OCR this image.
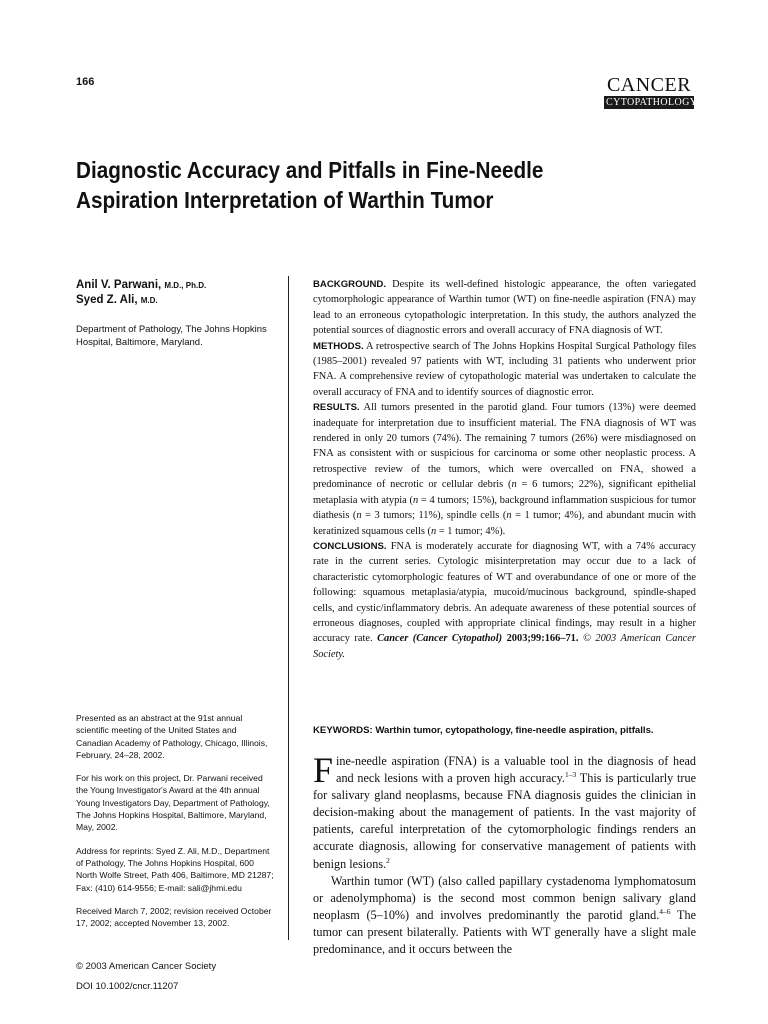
166	CANCER
CYTOPATHOLOGY
Diagnostic Accuracy and Pitfalls in Fine-Needle Aspiration Interpretation of Warthin Tumor
Anil V. Parwani, M.D., Ph.D.
Syed Z. Ali, M.D.
Department of Pathology, The Johns Hopkins Hospital, Baltimore, Maryland.

BACKGROUND. Despite its well-defined histologic appearance, the often variegated cytomorphologic appearance of Warthin tumor (WT) on fine-needle aspiration (FNA) may lead to an erroneous cytopathologic interpretation. In this study, the authors analyzed the potential sources of diagnostic errors and overall accuracy of FNA diagnosis of WT.

METHODS. A retrospective search of The Johns Hopkins Hospital Surgical Pathology files (1985–2001) revealed 97 patients with WT, including 31 patients who underwent prior FNA. A comprehensive review of cytopathologic material was undertaken to calculate the overall accuracy of FNA and to identify sources of diagnostic error.

RESULTS. All tumors presented in the parotid gland. Four tumors (13%) were deemed inadequate for interpretation due to insufficient material. The FNA diagnosis of WT was rendered in only 20 tumors (74%). The remaining 7 tumors (26%) were misdiagnosed on FNA as consistent with or suspicious for carcinoma or some other neoplastic process. A retrospective review of the tumors, which were overcalled on FNA, showed a predominance of necrotic or cellular debris (n = 6 tumors; 22%), significant epithelial metaplasia with atypia (n = 4 tumors; 15%), background inflammation suspicious for tumor diathesis (n = 3 tumors; 11%), spindle cells (n = 1 tumor; 4%), and abundant mucin with keratinized squamous cells (n = 1 tumor; 4%).

CONCLUSIONS. FNA is moderately accurate for diagnosing WT, with a 74% accuracy rate in the current series. Cytologic misinterpretation may occur due to a lack of characteristic cytomorphologic features of WT and overabundance of one or more of the following: squamous metaplasia/atypia, mucoid/mucinous background, spindle-shaped cells, and cystic/inflammatory debris. An adequate awareness of these potential sources of erroneous diagnoses, coupled with appropriate clinical findings, may result in a higher accuracy rate. Cancer (Cancer Cytopathol) 2003;99:166–71. © 2003 American Cancer Society.

KEYWORDS: Warthin tumor, cytopathology, fine-needle aspiration, pitfalls.

Fine-needle aspiration (FNA) is a valuable tool in the diagnosis of head and neck lesions with a proven high accuracy.$^{1-3}$ This is particularly true for salivary gland neoplasms, because FNA diagnosis guides the clinician in decision-making about the management of patients. In the vast majority of patients, careful interpretation of the cytomorphologic findings renders an accurate diagnosis, allowing for conservative management of patients with benign lesions.$^2$

Warthin tumor (WT) (also called papillary cystadenoma lymphomatosum or adenolymphoma) is the second most common benign salivary gland neoplasm (5–10%) and involves predominantly the parotid gland.$^{4-6}$ The tumor can present bilaterally. Patients with WT generally have a slight male predominance, and it occurs between the

Presented as an abstract at the 91st annual scientific meeting of the United States and Canadian Academy of Pathology, Chicago, Illinois, February, 24–28, 2002.

For his work on this project, Dr. Parwani received the Young Investigator's Award at the 4th annual Young Investigators Day, Department of Pathology, The Johns Hopkins Hospital, Baltimore, Maryland, May, 2002.

Address for reprints: Syed Z. Ali, M.D., Department of Pathology, The Johns Hopkins Hospital, 600 North Wolfe Street, Path 406, Baltimore, MD 21287; Fax: (410) 614-9556; E-mail: sali@jhmi.edu

Received March 7, 2002; revision received October 17, 2002; accepted November 13, 2002.

© 2003 American Cancer Society
DOI 10.1002/cncr.11207
